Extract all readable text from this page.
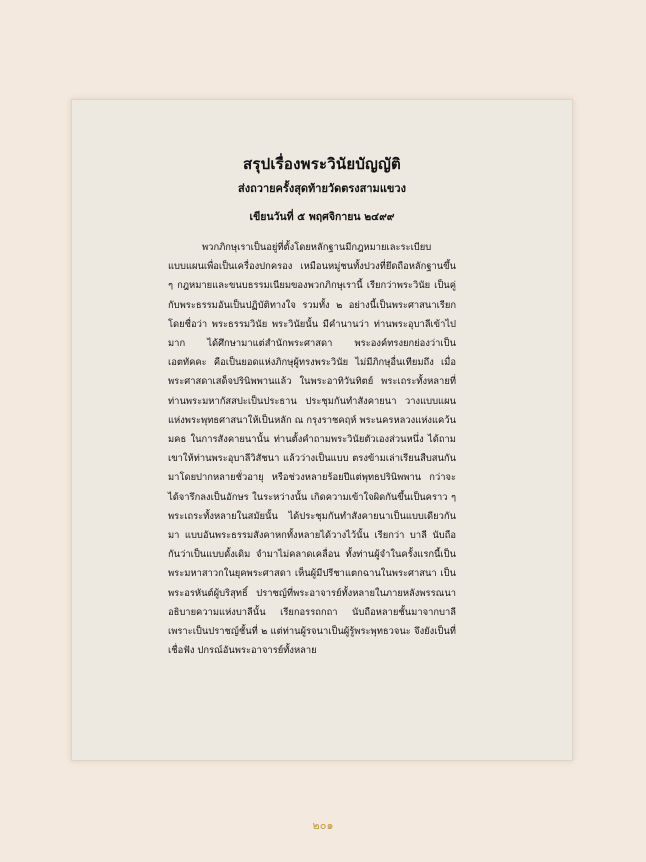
สรุปเรื่องพระวินัยบัญญัติ
ส่งถวายครั้งสุดท้ายวัดตรงสามแขวง
เขียนวันที่ ๕ พฤศจิกายน ๒๔๙๙

พวกภิกษุเราเป็นอยู่ที่ตั้งโดยหลักฐานมีกฎหมายเละระเบียบแบบแผนเพื่อเป็นเครื่องปกครอง เหมือนหมู่ชนทั้งปวงที่ยึดถือหลักฐานขึ้น ๆ กฎหมายและขนบธรรมเนียมของพวกภิกษุเรานี้ เรียกว่าพระวินัย เป็นคู่กับพระธรรมอันเป็นปฏิบัติทางใจ รวมทั้ง ๒ อย่างนี้เป็นพระศาสนาเรียกโดยชื่อว่า พระธรรมวินัย พระวินัยนั้น มีคำนานว่า ท่านพระอุบาลีเข้าไปมาก ได้ศึกษามาแต่สำนักพระศาสดา พระองค์ทรงยกย่องว่าเป็นเอตทัคคะ คือเป็นยอดแห่งภิกษุผู้ทรงพระวินัย ไม่มีภิกษุอื่นเทียมถึง เมื่อพระศาสดาเสด็จปรินิพพานแล้ว ในพระอาทิวันทิตย์ พระเถระทั้งหลายที่ท่านพระมหากัสสปะเป็นประธาน ประชุมกันทำสังคายนา วางแบบแผนแห่งพระพุทธศาสนาให้เป็นหลัก ณ กรุงราชคฤห์ พระนครหลวงแห่งแคว้นมคธ ในการสังคายนานั้น ท่านตั้งคำถามพระวินัยตัวเองส่วนหนึ่ง ได้ถามเขาให้ท่านพระอุบาลีวิสัชนา แล้วว่างเป็นแบบ ตรงข้ามเล่าเรียนสืบสนกันมาโดยปากหลายชั่วอายุ หรือช่วงหลายร้อยปีแต่พุทธปรินิพพาน กว่าจะได้จารึกลงเป็นอักษร ในระหว่างนั้น เกิดความเข้าใจผิดกันขึ้นเป็นคราว ๆ พระเถระทั้งหลายในสมัยนั้น ได้ประชุมกันทำสังคายนาเป็นแบบเดียวกันมา แบบอันพระธรรมสังคาหกทั้งหลายได้วางไว้นั้น เรียกว่า บาลี นับถือกันว่าเป็นแบบดั้งเดิม จำมาไม่คลาดเคลื่อน ทั้งท่านผู้จำในครั้งแรกนี้เป็นพระมหาสาวกในยุคพระศาสดา เห็นผู้มีปรีชาแตกฉานในพระศาสนา เป็นพระอรหันต์ผู้บริสุทธิ์ ปราชญ์ที่พระอาจารย์ทั้งหลายในภายหลังพรรณนาอธิบายความแห่งบาลีนั้น เรียกอรรถกถา นับถือหลายชั้นมาจากบาลี เพราะเป็นปราชญ์ชั้นที่ ๒ แต่ท่านผู้รจนาเป็นผู้รู้พระพุทธวจนะ จึงยังเป็นที่เชื่อฟัง ปกรณ์อันพระอาจารย์ทั้งหลาย

๒๐๑
